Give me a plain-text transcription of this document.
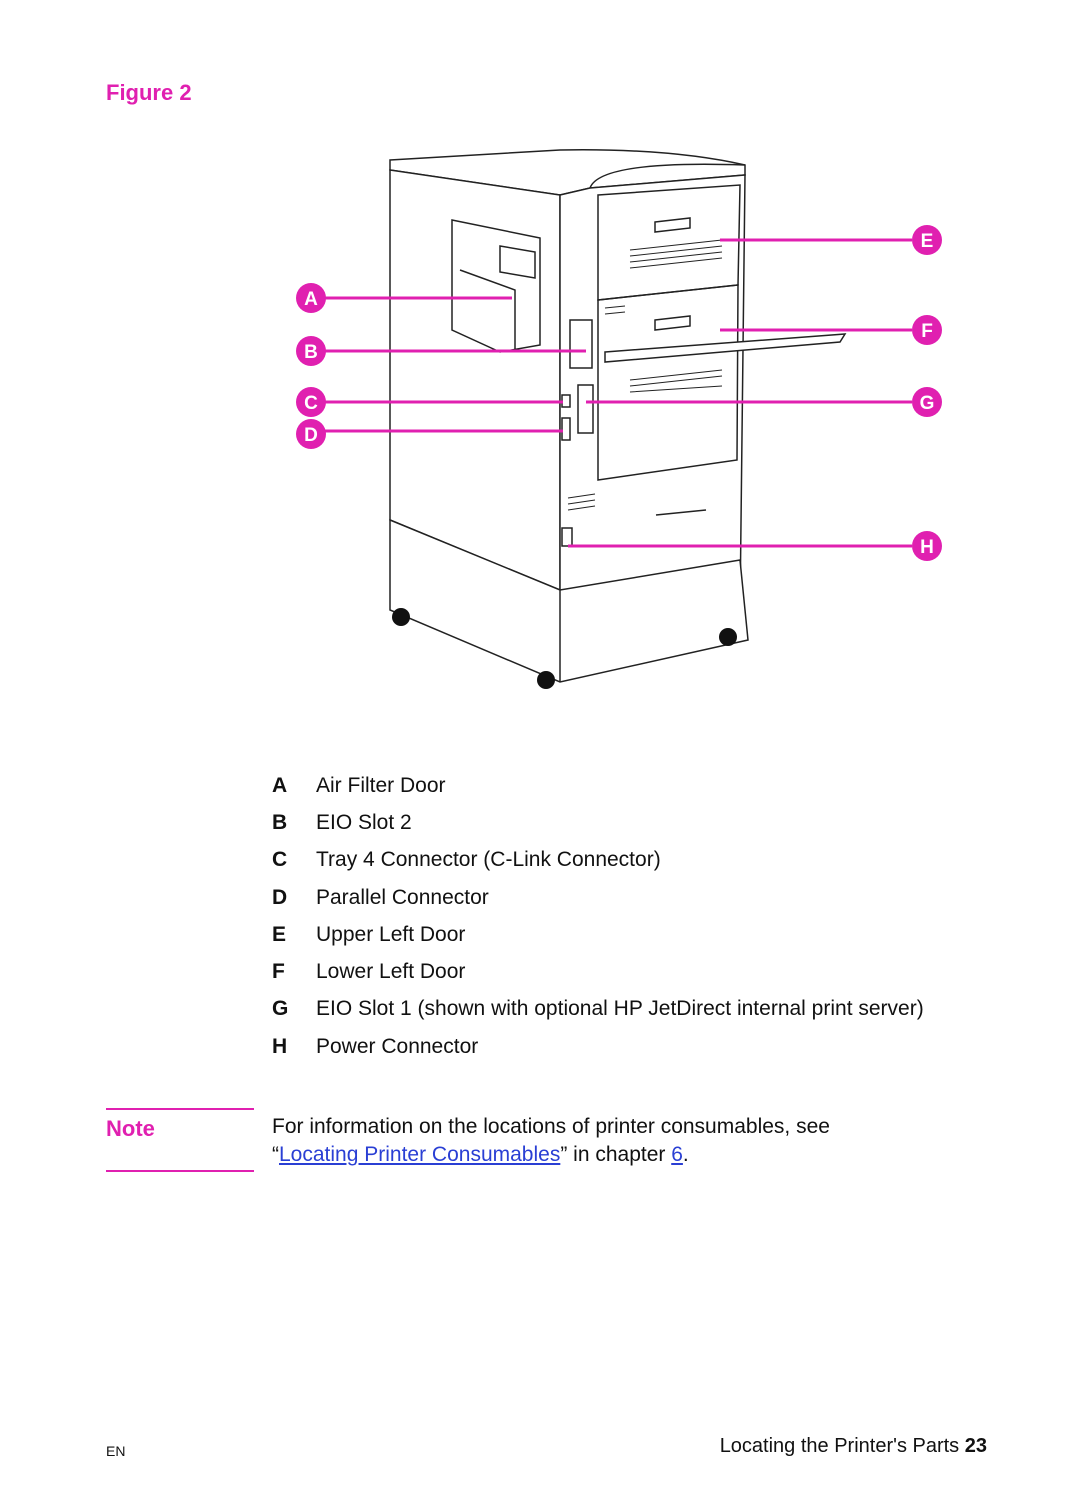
Figure 2
A
B
C
D
E
F
G
H
A	Air Filter Door
B	EIO Slot 2
C	Tray 4 Connector (C-Link Connector)
D	Parallel Connector
E	Upper Left Door
F	Lower Left Door
G	EIO Slot 1 (shown with optional HP JetDirect internal print server)
H	Power Connector
Note	For information on the locations of printer consumables, see
“Locating Printer Consumables” in chapter 6.
EN	Locating the Printer's Parts 23
